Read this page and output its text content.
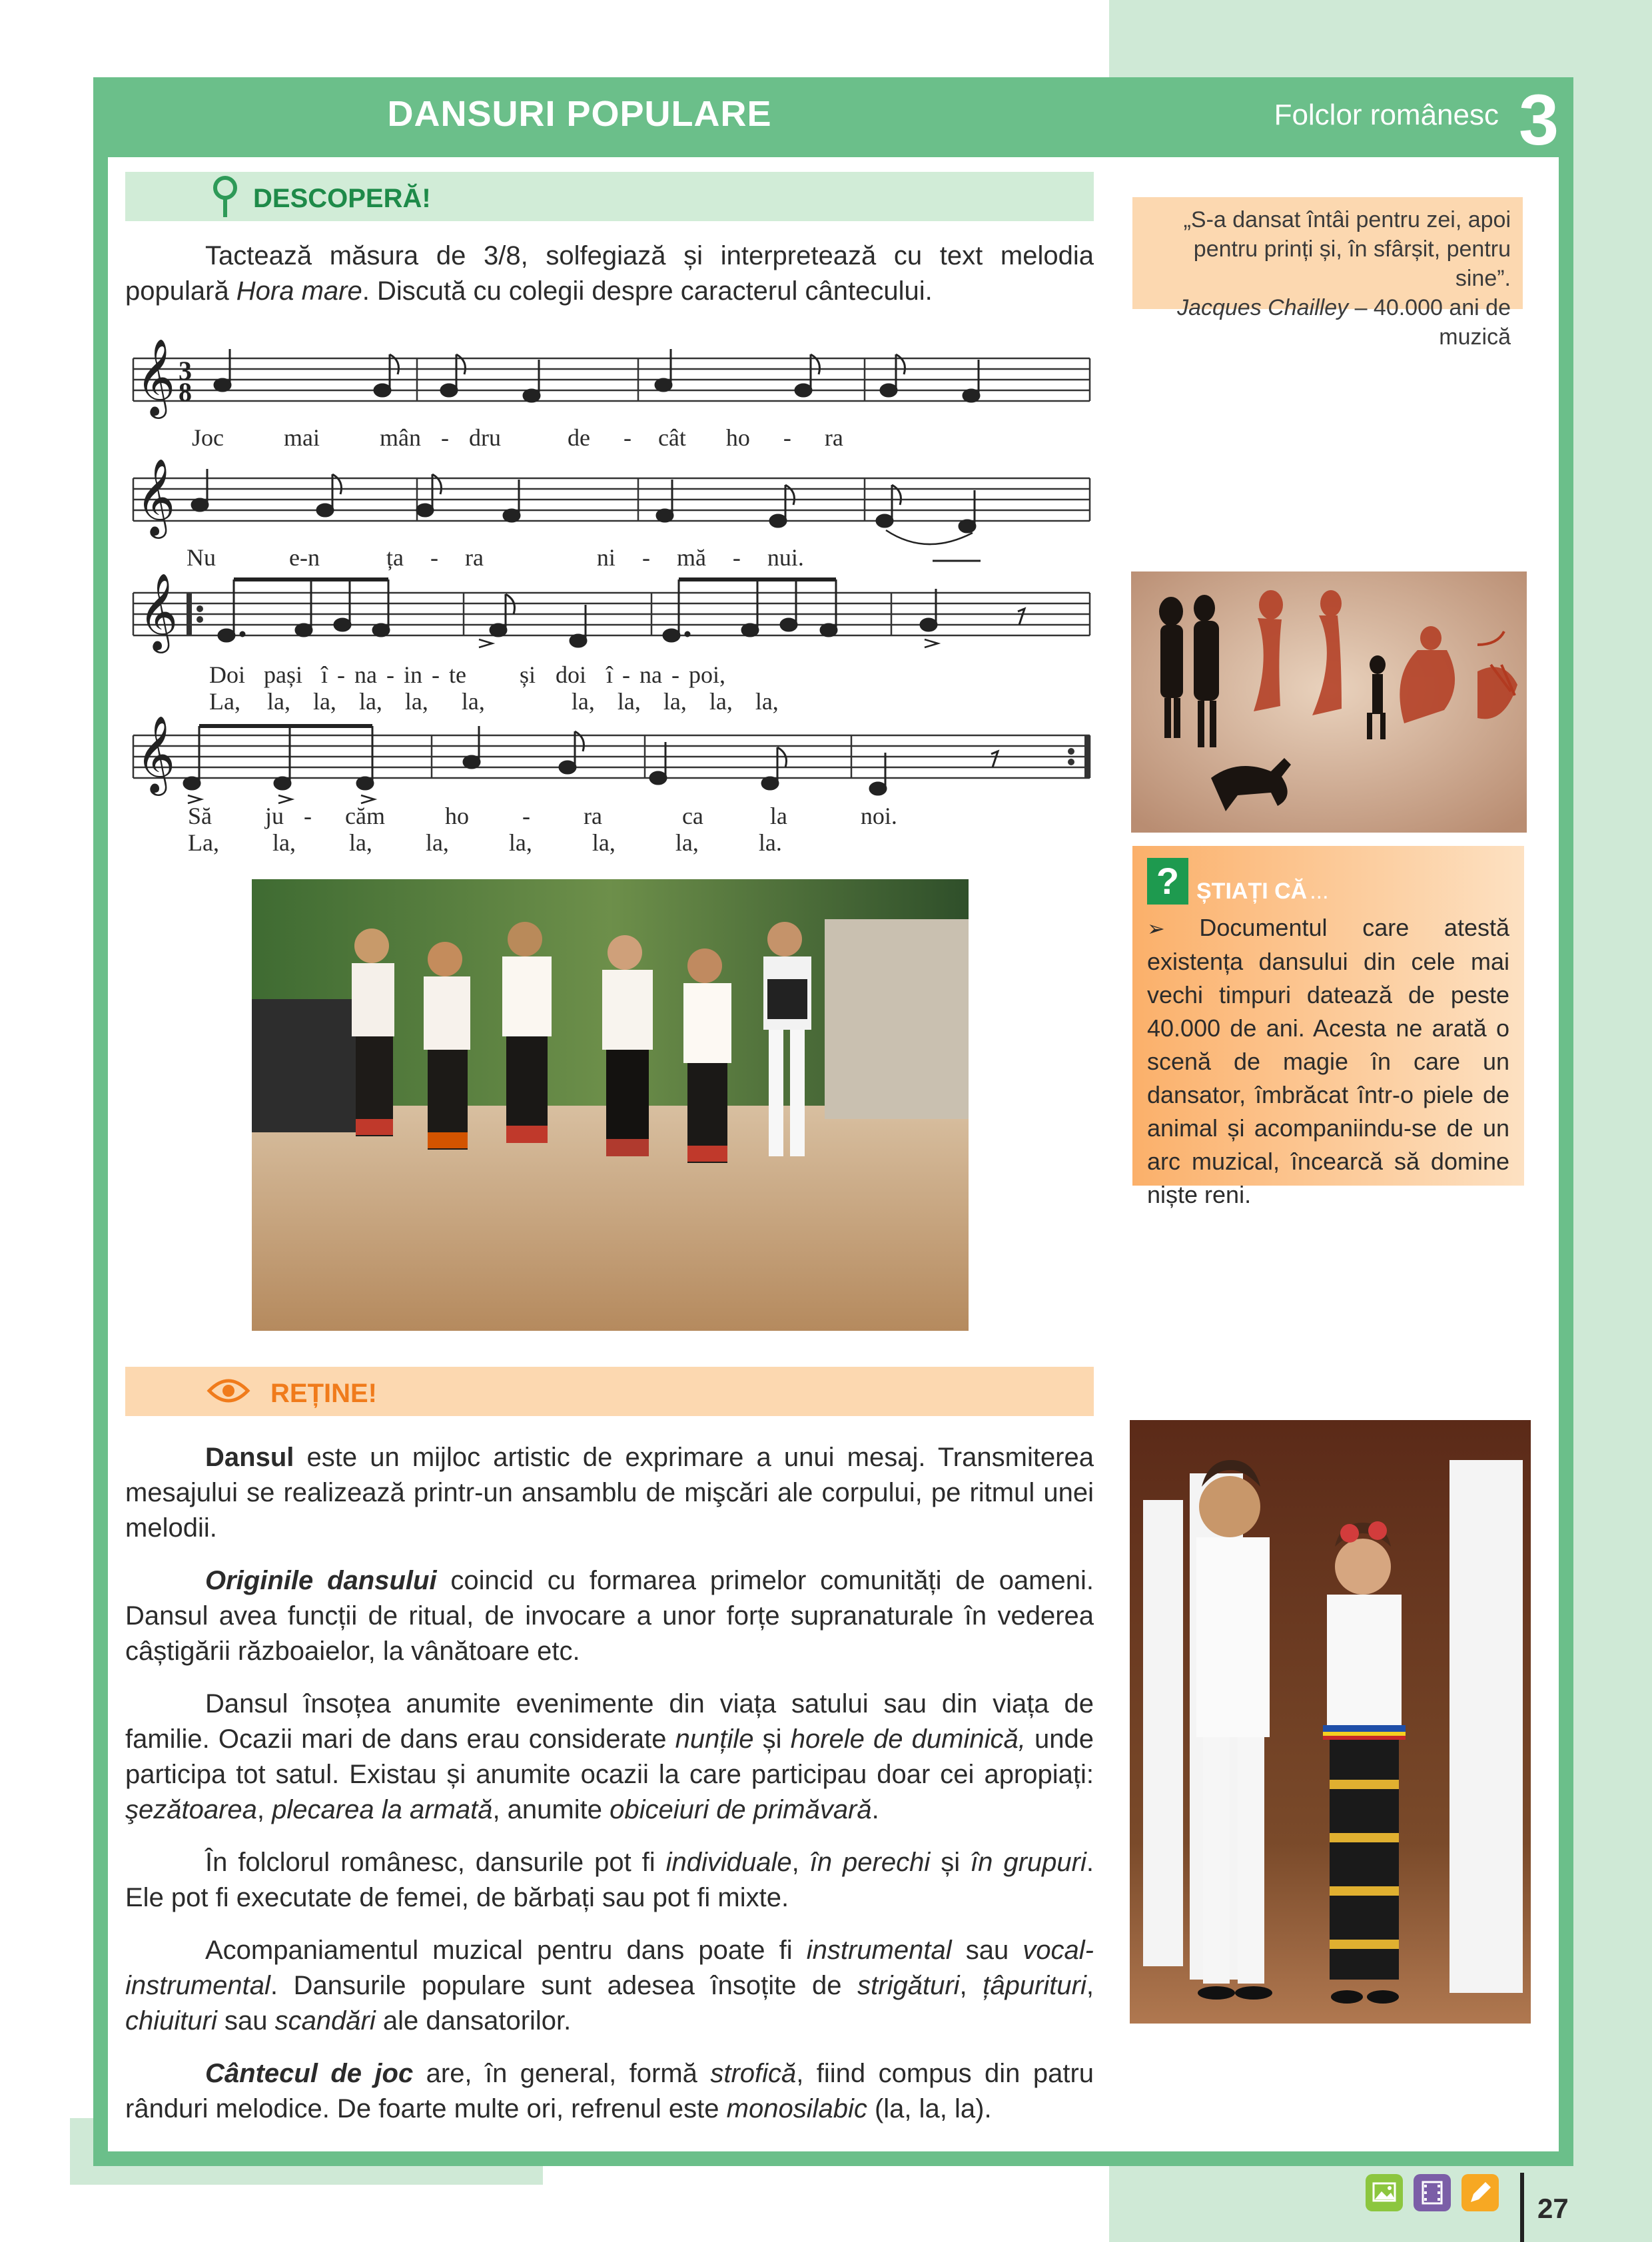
DANSURI POPULARE	Folclor românesc 3
DESCOPERĂ!

Tactează măsura de 3/8, solfegiază și interpretează cu text melodia populară Hora mare. Discută cu colegii despre caracterul cântecului.

𝄞
𝄞
𝄞
𝄞
3
8
Joc	mai	mân - dru	de - cât ho - ra
Nu	e-n	ța - ra	ni - mă - nui.
Doi pași î - na - in - te și doi î - na - poi,
La, la, la, la, la, la,	la, la, la, la, la,
Să ju - căm	ho - ra	ca	la	noi.
La, la, la, la,	la,	la,	la,	la.
„S-a dansat întâi pentru zei, apoi pentru prinți și, în sfârșit, pentru sine”.
Jacques Chailley – 40.000 ani de muzică
? ȘTIAȚI CĂ ...
➢ Documentul care atestă existența dansului din cele mai vechi timpuri datează de peste 40.000 de ani. Acesta ne arată o scenă de magie în care un dansator, îmbrăcat într-o piele de animal și acompaniindu-se de un arc muzical, încearcă să domine niște reni.
REȚINE!

Dansul este un mijloc artistic de exprimare a unui mesaj. Transmiterea mesajului se realizează printr-un ansamblu de mişcări ale corpului, pe ritmul unei melodii.

Originile dansului coincid cu formarea primelor comunități de oameni. Dansul avea funcții de ritual, de invocare a unor forțe supranaturale în vederea câștigării războaielor, la vânătoare etc.

Dansul însoțea anumite evenimente din viața satului sau din viața de familie. Ocazii mari de dans erau considerate nunțile și horele de duminică, unde participa tot satul. Existau și anumite ocazii la care participau doar cei apropiați: şezătoarea, plecarea la armată, anumite obiceiuri de primăvară.

În folclorul românesc, dansurile pot fi individuale, în perechi și în grupuri. Ele pot fi executate de femei, de bărbați sau pot fi mixte.

Acompaniamentul muzical pentru dans poate fi instrumental sau vocal-instrumental. Dansurile populare sunt adesea însoțite de strigături, țâpurituri, chiuituri sau scandări ale dansatorilor.

Cântecul de joc are, în general, formă strofică, fiind compus din patru rânduri melodice. De foarte multe ori, refrenul este monosilabic (la, la, la).

27
